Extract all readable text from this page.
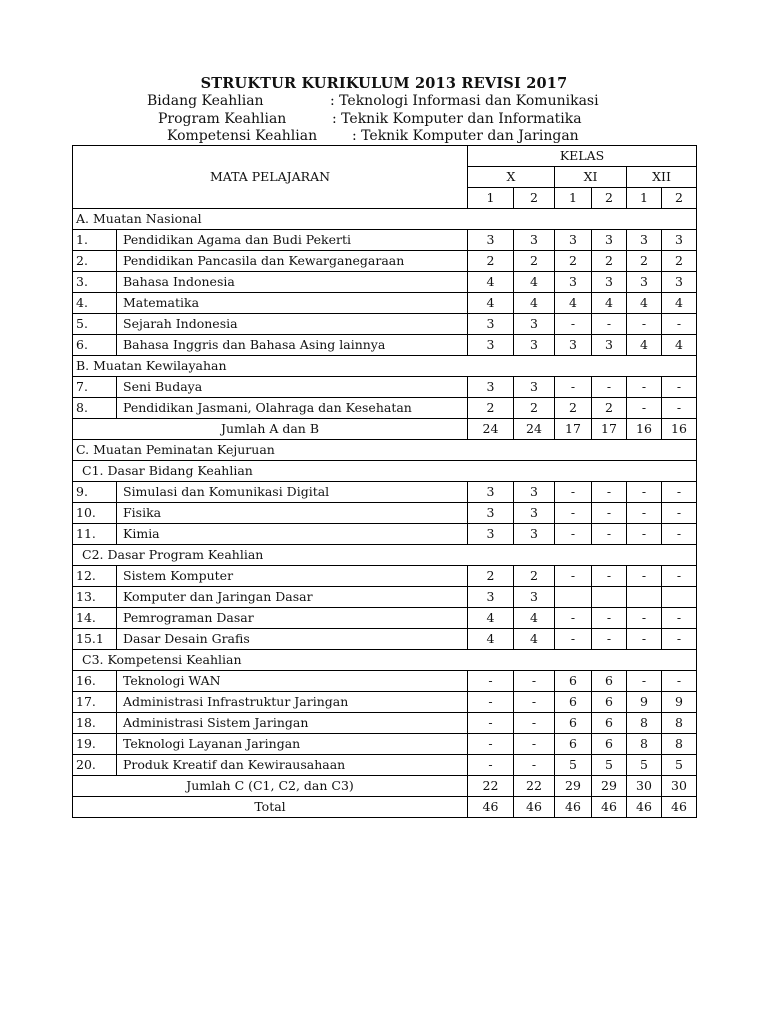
STRUKTUR KURIKULUM 2013 REVISI 2017
Bidang Keahlian	: Teknologi Informasi dan Komunikasi
Program Keahlian	: Teknik Komputer dan Informatika
Kompetensi Keahlian : Teknik Komputer dan Jaringan
MATA PELAJARAN		KELAS					
		X		XI		XII	
		1	2	1	2	1	2
A. Muatan Nasional							
1.	Pendidikan Agama dan Budi Pekerti	3	3	3	3	3	3
2.	Pendidikan Pancasila dan Kewarganegaraan	2	2	2	2	2	2
3.	Bahasa Indonesia	4	4	3	3	3	3
4.	Matematika	4	4	4	4	4	4
5.	Sejarah Indonesia	3	3	-	-	-	-
6.	Bahasa Inggris dan Bahasa Asing lainnya	3	3	3	3	4	4
B. Muatan Kewilayahan							
7.	Seni Budaya	3	3	-	-	-	-
8.	Pendidikan Jasmani, Olahraga dan Kesehatan	2	2	2	2	-	-
Jumlah A dan B		24	24	17	17	16	16
C. Muatan Peminatan Kejuruan							
C1. Dasar Bidang Keahlian							
9.	Simulasi dan Komunikasi Digital	3	3	-	-	-	-
10.	Fisika	3	3	-	-	-	-
11.	Kimia	3	3	-	-	-	-
C2. Dasar Program Keahlian							
12.	Sistem Komputer	2	2	-	-	-	-
13.	Komputer dan Jaringan Dasar	3	3				
14.	Pemrograman Dasar	4	4	-	-	-	-
15.1	Dasar Desain Grafis	4	4	-	-	-	-
C3. Kompetensi Keahlian							
16.	Teknologi WAN	-	-	6	6	-	-
17.	Administrasi Infrastruktur Jaringan	-	-	6	6	9	9
18.	Administrasi Sistem Jaringan	-	-	6	6	8	8
19.	Teknologi Layanan Jaringan	-	-	6	6	8	8
20.	Produk Kreatif dan Kewirausahaan	-	-	5	5	5	5
Jumlah C (C1, C2, dan C3)		22	22	29	29	30	30
Total		46	46	46	46	46	46
